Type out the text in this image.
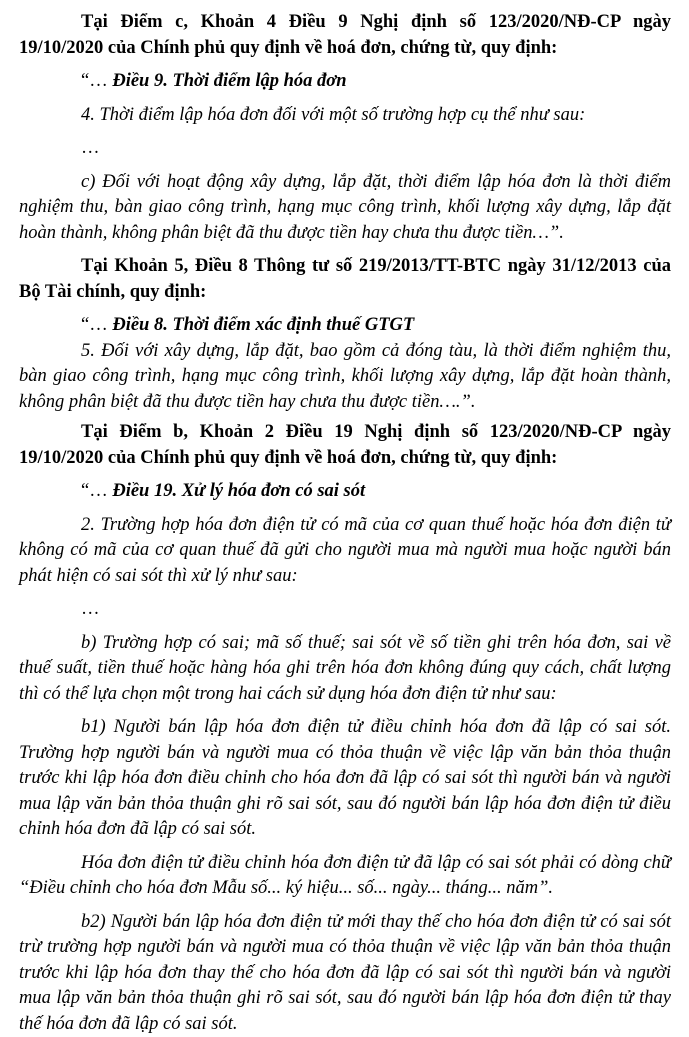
Tại Điểm c, Khoản 4 Điều 9 Nghị định số 123/2020/NĐ-CP ngày 19/10/2020 của Chính phủ quy định về hoá đơn, chứng từ, quy định:

“… Điều 9. Thời điểm lập hóa đơn

4. Thời điểm lập hóa đơn đối với một số trường hợp cụ thể như sau:

…

c) Đối với hoạt động xây dựng, lắp đặt, thời điểm lập hóa đơn là thời điểm nghiệm thu, bàn giao công trình, hạng mục công trình, khối lượng xây dựng, lắp đặt hoàn thành, không phân biệt đã thu được tiền hay chưa thu được tiền…”.

Tại Khoản 5, Điều 8 Thông tư số 219/2013/TT-BTC ngày 31/12/2013 của Bộ Tài chính, quy định:

“… Điều 8. Thời điểm xác định thuế GTGT

5. Đối với xây dựng, lắp đặt, bao gồm cả đóng tàu, là thời điểm nghiệm thu, bàn giao công trình, hạng mục công trình, khối lượng xây dựng, lắp đặt hoàn thành, không phân biệt đã thu được tiền hay chưa thu được tiền….”.

Tại Điểm b, Khoản 2 Điều 19 Nghị định số 123/2020/NĐ-CP ngày 19/10/2020 của Chính phủ quy định về hoá đơn, chứng từ, quy định:

“… Điều 19. Xử lý hóa đơn có sai sót

2. Trường hợp hóa đơn điện tử có mã của cơ quan thuế hoặc hóa đơn điện tử không có mã của cơ quan thuế đã gửi cho người mua mà người mua hoặc người bán phát hiện có sai sót thì xử lý như sau:

…

b) Trường hợp có sai; mã số thuế; sai sót về số tiền ghi trên hóa đơn, sai về thuế suất, tiền thuế hoặc hàng hóa ghi trên hóa đơn không đúng quy cách, chất lượng thì có thể lựa chọn một trong hai cách sử dụng hóa đơn điện tử như sau:

b1) Người bán lập hóa đơn điện tử điều chỉnh hóa đơn đã lập có sai sót. Trường hợp người bán và người mua có thỏa thuận về việc lập văn bản thỏa thuận trước khi lập hóa đơn điều chỉnh cho hóa đơn đã lập có sai sót thì người bán và người mua lập văn bản thỏa thuận ghi rõ sai sót, sau đó người bán lập hóa đơn điện tử điều chỉnh hóa đơn đã lập có sai sót.

Hóa đơn điện tử điều chỉnh hóa đơn điện tử đã lập có sai sót phải có dòng chữ “Điều chỉnh cho hóa đơn Mẫu số... ký hiệu... số... ngày... tháng... năm”.

b2) Người bán lập hóa đơn điện tử mới thay thế cho hóa đơn điện tử có sai sót trừ trường hợp người bán và người mua có thỏa thuận về việc lập văn bản thỏa thuận trước khi lập hóa đơn thay thế cho hóa đơn đã lập có sai sót thì người bán và người mua lập văn bản thỏa thuận ghi rõ sai sót, sau đó người bán lập hóa đơn điện tử thay thế hóa đơn đã lập có sai sót.
